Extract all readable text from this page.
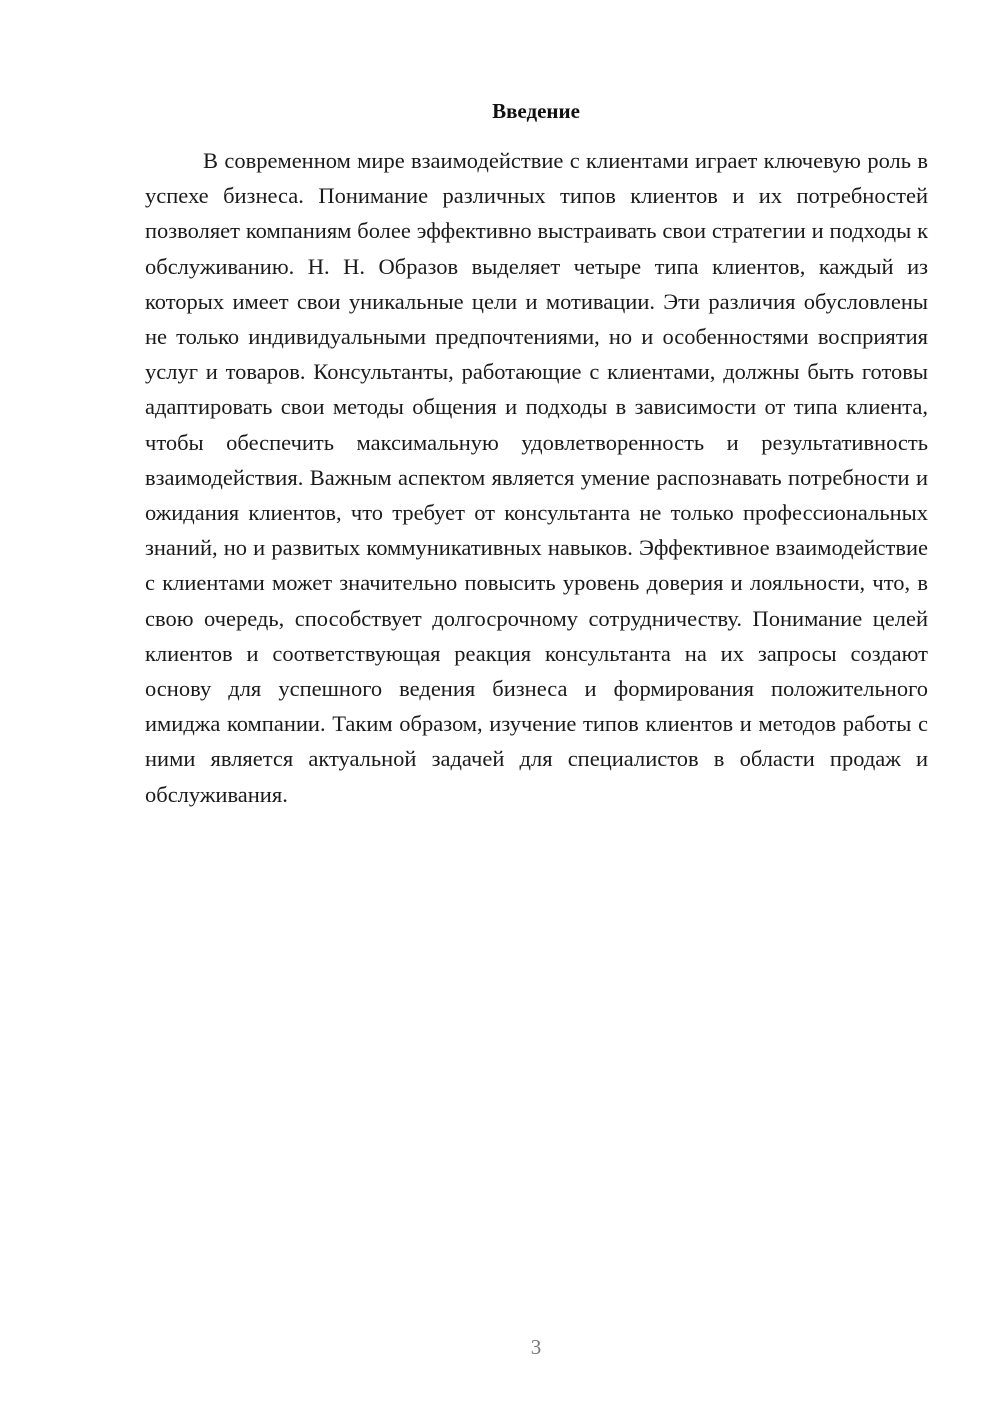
Введение

В современном мире взаимодействие с клиентами играет ключевую роль в успехе бизнеса. Понимание различных типов клиентов и их потребностей позволяет компаниям более эффективно выстраивать свои стратегии и подходы к обслуживанию. Н. Н. Образов выделяет четыре типа клиентов, каждый из которых имеет свои уникальные цели и мотивации. Эти различия обусловлены не только индивидуальными предпочтениями, но и особенностями восприятия услуг и товаров. Консультанты, работающие с клиентами, должны быть готовы адаптировать свои методы общения и подходы в зависимости от типа клиента, чтобы обеспечить максимальную удовлетворенность и результативность взаимодействия. Важным аспектом является умение распознавать потребности и ожидания клиентов, что требует от консультанта не только профессиональных знаний, но и развитых коммуникативных навыков. Эффективное взаимодействие с клиентами может значительно повысить уровень доверия и лояльности, что, в свою очередь, способствует долгосрочному сотрудничеству. Понимание целей клиентов и соответствующая реакция консультанта на их запросы создают основу для успешного ведения бизнеса и формирования положительного имиджа компании. Таким образом, изучение типов клиентов и методов работы с ними является актуальной задачей для специалистов в области продаж и обслуживания.

3
